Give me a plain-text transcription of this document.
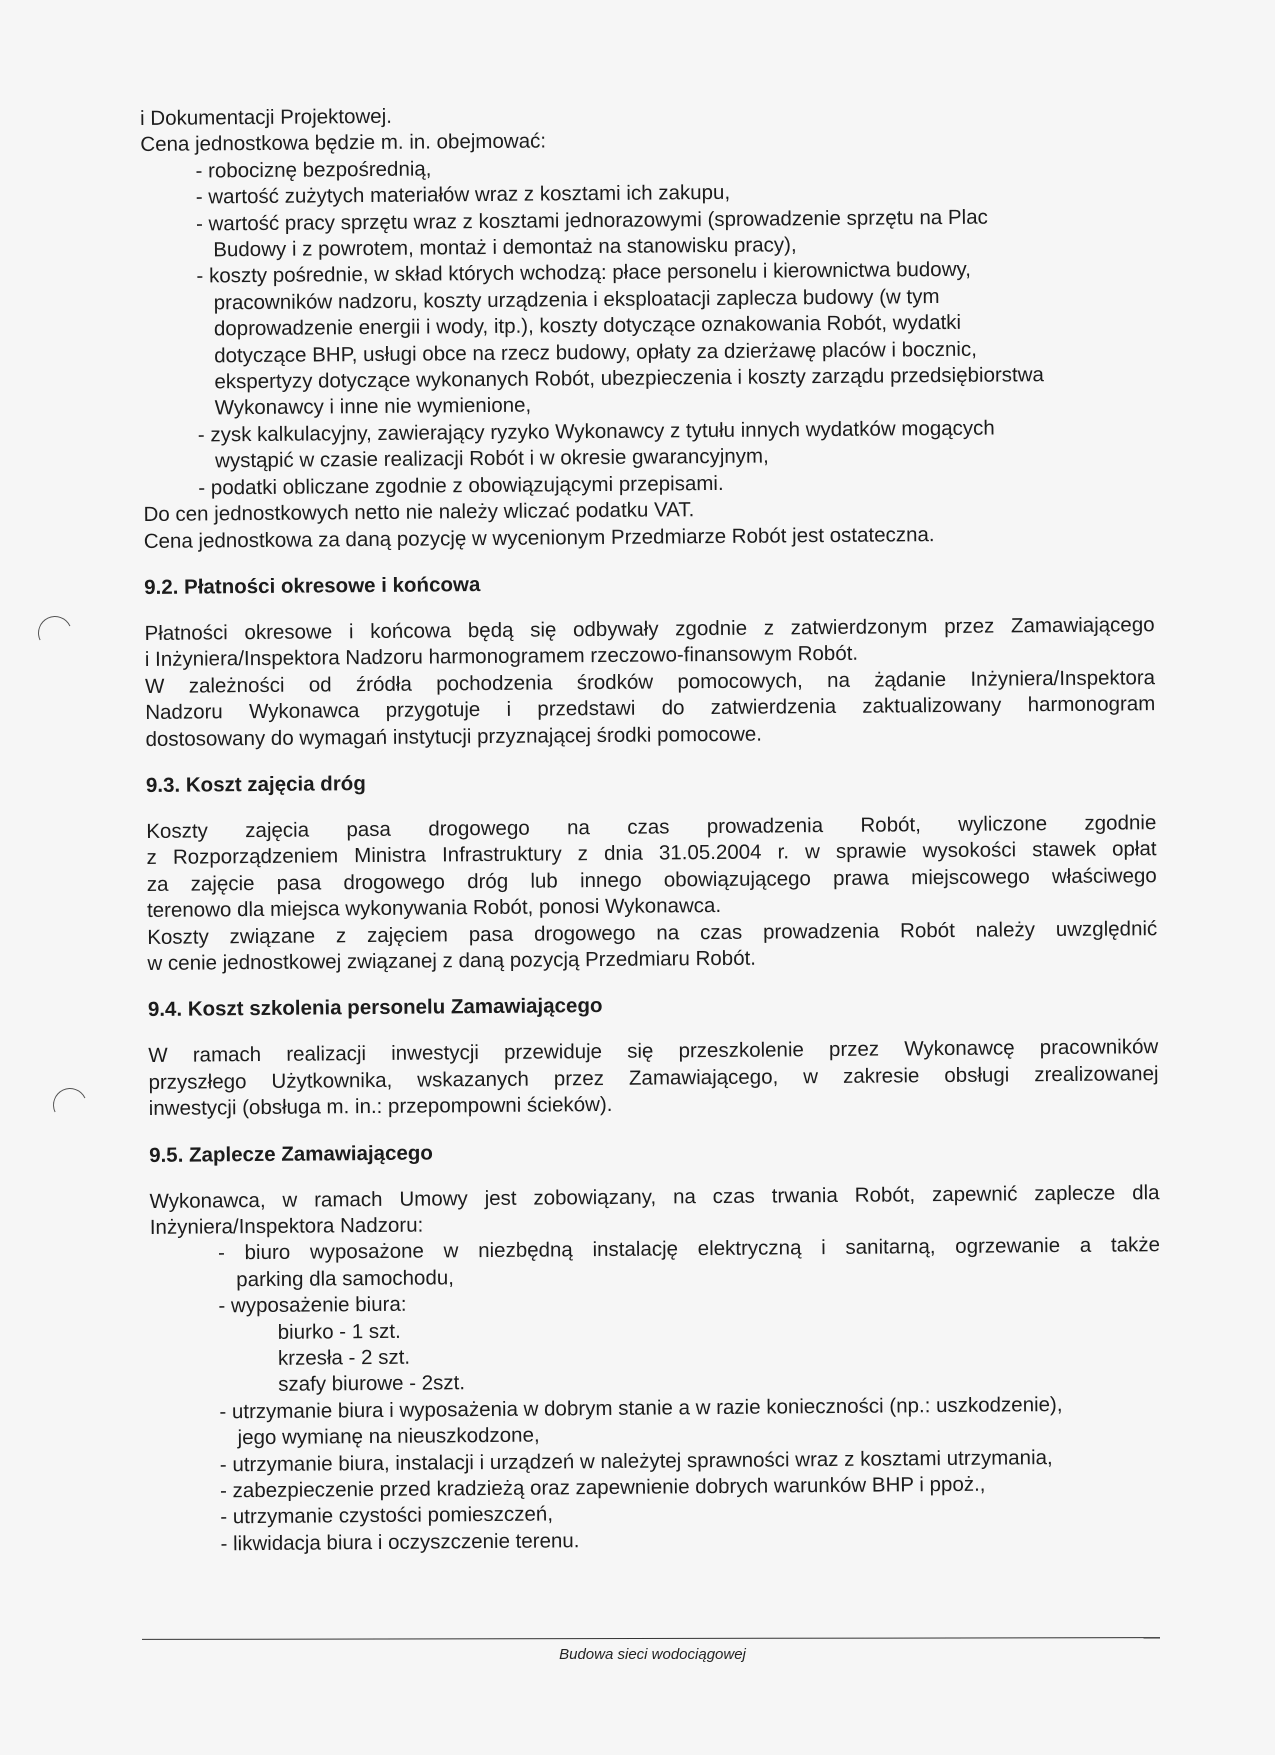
i Dokumentacji Projektowej.
Cena jednostkowa będzie m. in. obejmować:
- robociznę bezpośrednią,
- wartość zużytych materiałów wraz z kosztami ich zakupu,
- wartość pracy sprzętu wraz z kosztami jednorazowymi (sprowadzenie sprzętu na Plac
Budowy i z powrotem, montaż i demontaż na stanowisku pracy),
- koszty pośrednie, w skład których wchodzą: płace personelu i kierownictwa budowy,
pracowników nadzoru, koszty urządzenia i eksploatacji zaplecza budowy (w tym
doprowadzenie energii i wody, itp.), koszty dotyczące oznakowania Robót, wydatki
dotyczące BHP, usługi obce na rzecz budowy, opłaty za dzierżawę placów i bocznic,
ekspertyzy dotyczące wykonanych Robót, ubezpieczenia i koszty zarządu przedsiębiorstwa
Wykonawcy i inne nie wymienione,
- zysk kalkulacyjny, zawierający ryzyko Wykonawcy z tytułu innych wydatków mogących
wystąpić w czasie realizacji Robót i w okresie gwarancyjnym,
- podatki obliczane zgodnie z obowiązującymi przepisami.
Do cen jednostkowych netto nie należy wliczać podatku VAT.
Cena jednostkowa za daną pozycję w wycenionym Przedmiarze Robót jest ostateczna.
9.2. Płatności okresowe i końcowa
Płatności okresowe i końcowa będą się odbywały zgodnie z zatwierdzonym przez Zamawiającego
i Inżyniera/Inspektora Nadzoru harmonogramem rzeczowo-finansowym Robót.
W zależności od źródła pochodzenia środków pomocowych, na żądanie Inżyniera/Inspektora
Nadzoru Wykonawca przygotuje i przedstawi do zatwierdzenia zaktualizowany harmonogram
dostosowany do wymagań instytucji przyznającej środki pomocowe.
9.3. Koszt zajęcia dróg
Koszty zajęcia pasa drogowego na czas prowadzenia Robót, wyliczone zgodnie
z Rozporządzeniem Ministra Infrastruktury z dnia 31.05.2004 r. w sprawie wysokości stawek opłat
za zajęcie pasa drogowego dróg lub innego obowiązującego prawa miejscowego właściwego
terenowo dla miejsca wykonywania Robót, ponosi Wykonawca.
Koszty związane z zajęciem pasa drogowego na czas prowadzenia Robót należy uwzględnić
w cenie jednostkowej związanej z daną pozycją Przedmiaru Robót.
9.4. Koszt szkolenia personelu Zamawiającego
W ramach realizacji inwestycji przewiduje się przeszkolenie przez Wykonawcę pracowników
przyszłego Użytkownika, wskazanych przez Zamawiającego, w zakresie obsługi zrealizowanej
inwestycji (obsługa m. in.: przepompowni ścieków).
9.5. Zaplecze Zamawiającego
Wykonawca, w ramach Umowy jest zobowiązany, na czas trwania Robót, zapewnić zaplecze dla
Inżyniera/Inspektora Nadzoru:
- biuro wyposażone w niezbędną instalację elektryczną i sanitarną, ogrzewanie a także
parking dla samochodu,
- wyposażenie biura:
biurko - 1 szt.
krzesła - 2 szt.
szafy biurowe - 2szt.
- utrzymanie biura i wyposażenia w dobrym stanie a w razie konieczności (np.: uszkodzenie),
jego wymianę na nieuszkodzone,
- utrzymanie biura, instalacji i urządzeń w należytej sprawności wraz z kosztami utrzymania,
- zabezpieczenie przed kradzieżą oraz zapewnienie dobrych warunków BHP i ppoż.,
- utrzymanie czystości pomieszczeń,
- likwidacja biura i oczyszczenie terenu.
Budowa sieci wodociągowej
